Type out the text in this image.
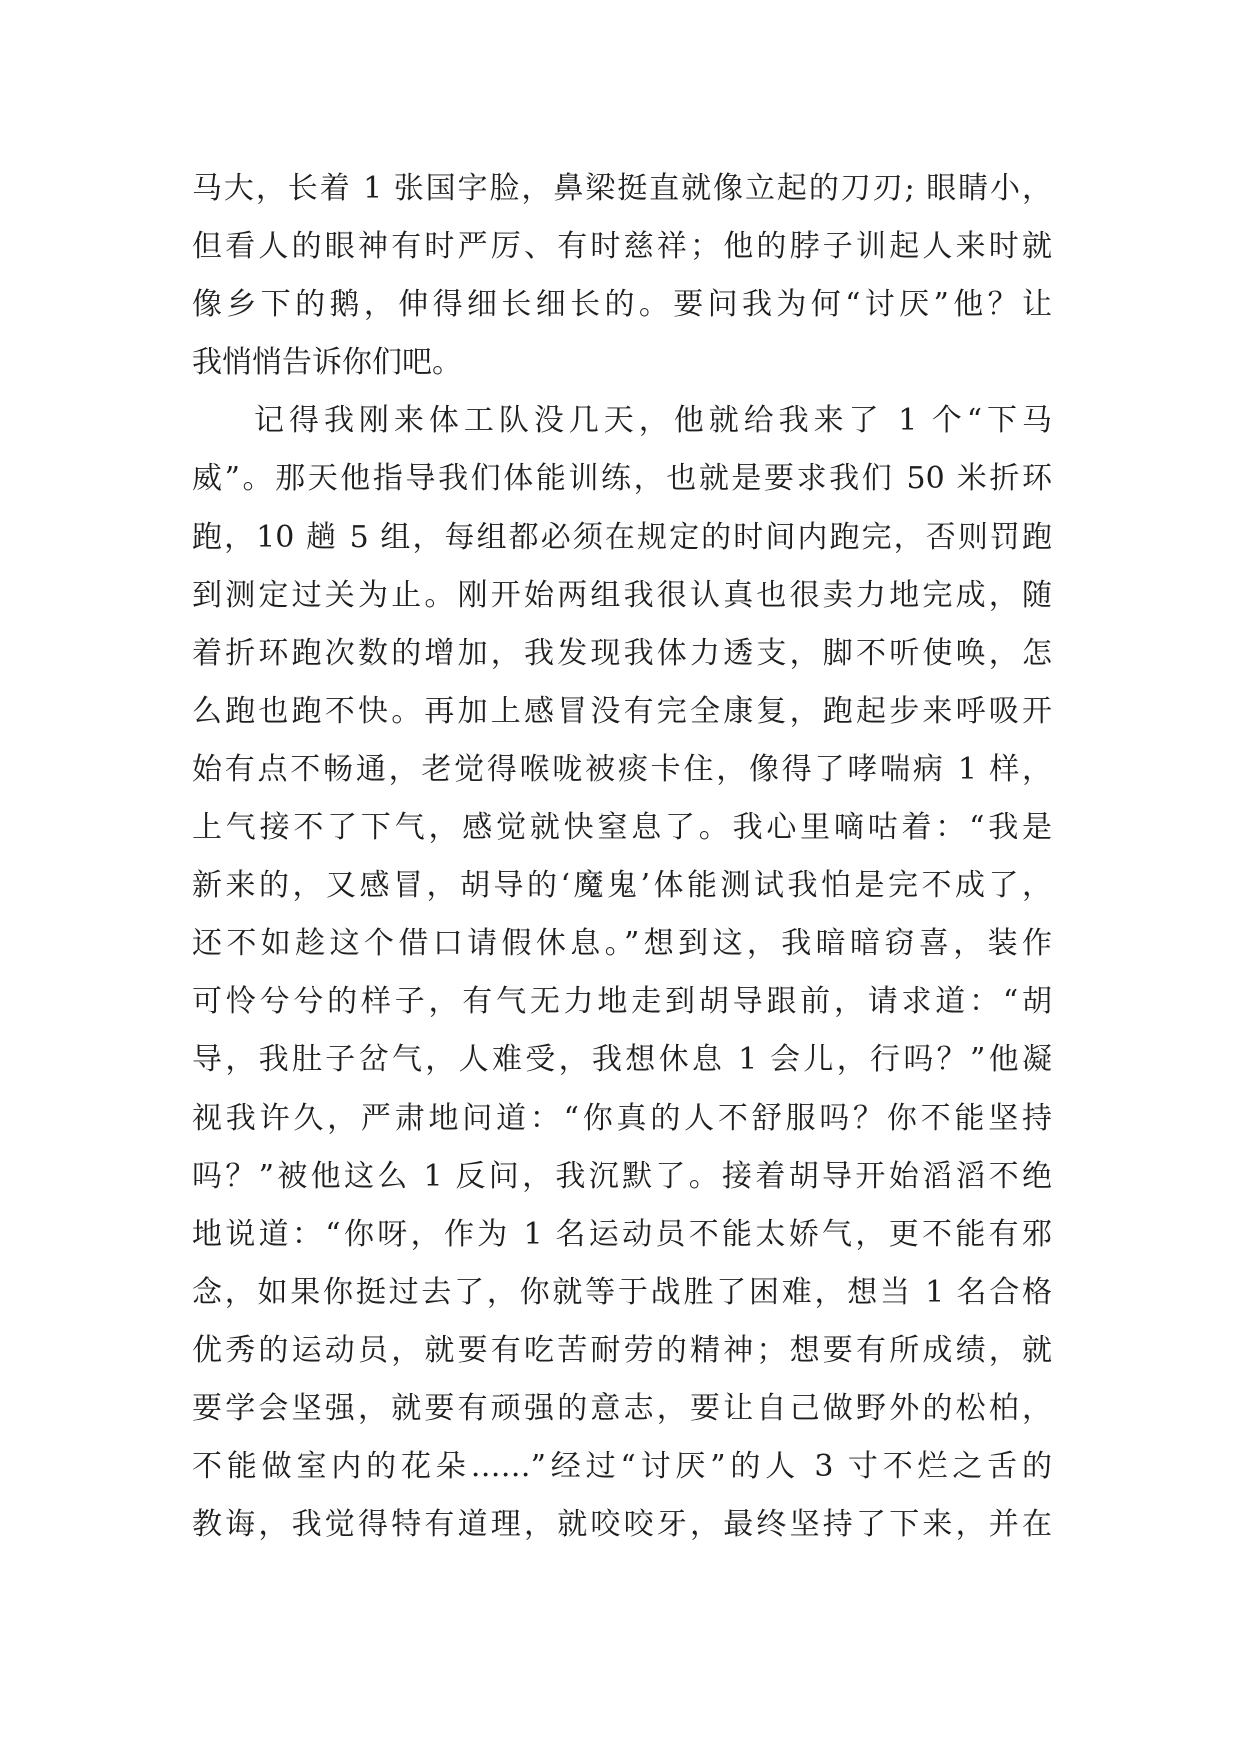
马大，长着 1 张国字脸，鼻梁挺直就像立起的刀刃; 眼睛小，
但看人的眼神有时严厉、有时慈祥；他的脖子训起人来时就
像乡下的鹅，伸得细长细长的。要问我为何“讨厌”他？让
我悄悄告诉你们吧。
记得我刚来体工队没几天，他就给我来了 1 个“下马
威”。那天他指导我们体能训练，也就是要求我们 50 米折环
跑，10 趟 5 组，每组都必须在规定的时间内跑完，否则罚跑
到测定过关为止。刚开始两组我很认真也很卖力地完成，随
着折环跑次数的增加，我发现我体力透支，脚不听使唤，怎
么跑也跑不快。再加上感冒没有完全康复，跑起步来呼吸开
始有点不畅通，老觉得喉咙被痰卡住，像得了哮喘病 1 样，
上气接不了下气，感觉就快窒息了。我心里嘀咕着：“我是
新来的，又感冒，胡导的‘魔鬼’体能测试我怕是完不成了，
还不如趁这个借口请假休息。”想到这，我暗暗窃喜，装作
可怜兮兮的样子，有气无力地走到胡导跟前，请求道：“胡
导，我肚子岔气，人难受，我想休息 1 会儿，行吗？”他凝
视我许久，严肃地问道：“你真的人不舒服吗？你不能坚持
吗？”被他这么 1 反问，我沉默了。接着胡导开始滔滔不绝
地说道：“你呀，作为 1 名运动员不能太娇气，更不能有邪
念，如果你挺过去了，你就等于战胜了困难，想当 1 名合格
优秀的运动员，就要有吃苦耐劳的精神；想要有所成绩，就
要学会坚强，就要有顽强的意志，要让自己做野外的松柏，
不能做室内的花朵……”经过“讨厌”的人 3 寸不烂之舌的
教诲，我觉得特有道理，就咬咬牙，最终坚持了下来，并在
